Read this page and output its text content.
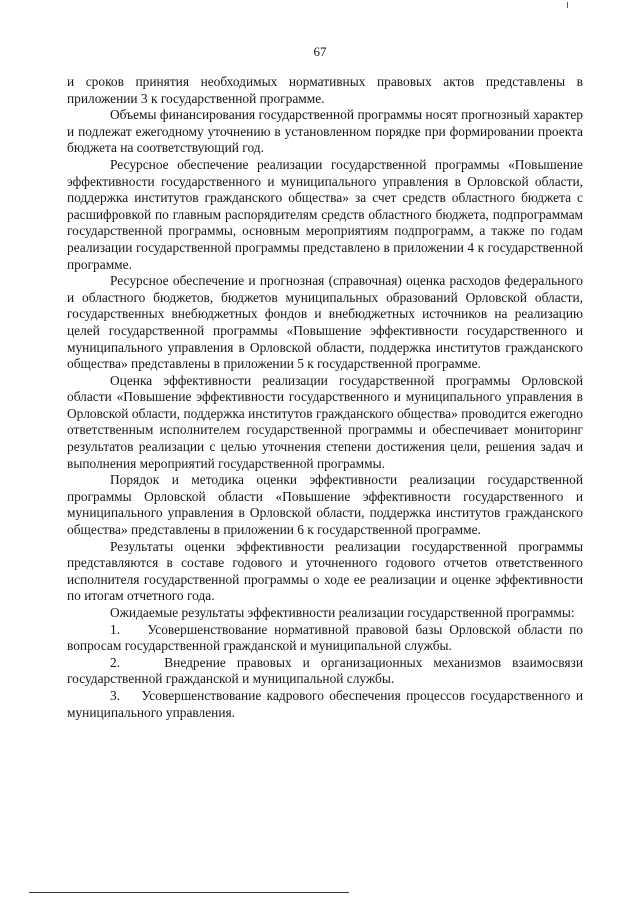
67

и сроков принятия необходимых нормативных правовых актов представлены в приложении 3 к государственной программе.

Объемы финансирования государственной программы носят прогнозный характер и подлежат ежегодному уточнению в установленном порядке при формировании проекта бюджета на соответствующий год.

Ресурсное обеспечение реализации государственной программы «Повышение эффективности государственного и муниципального управления в Орловской области, поддержка институтов гражданского общества» за счет средств областного бюджета с расшифровкой по главным распорядителям средств областного бюджета, подпрограммам государственной программы, основным мероприятиям подпрограмм, а также по годам реализации государственной программы представлено в приложении 4 к государственной программе.

Ресурсное обеспечение и прогнозная (справочная) оценка расходов федерального и областного бюджетов, бюджетов муниципальных образований Орловской области, государственных внебюджетных фондов и внебюджетных источников на реализацию целей государственной программы «Повышение эффективности государственного и муниципального управления в Орловской области, поддержка институтов гражданского общества» представлены в приложении 5 к государственной программе.

Оценка эффективности реализации государственной программы Орловской области «Повышение эффективности государственного и муниципального управления в Орловской области, поддержка институтов гражданского общества» проводится ежегодно ответственным исполнителем государственной программы и обеспечивает мониторинг результатов реализации с целью уточнения степени достижения цели, решения задач и выполнения мероприятий государственной программы.

Порядок и методика оценки эффективности реализации государственной программы Орловской области «Повышение эффективности государственного и муниципального управления в Орловской области, поддержка институтов гражданского общества» представлены в приложении 6 к государственной программе.

Результаты оценки эффективности реализации государственной программы представляются в составе годового и уточненного годового отчетов ответственного исполнителя государственной программы о ходе ее реализации и оценке эффективности по итогам отчетного года.

Ожидаемые результаты эффективности реализации государственной программы:

1. Усовершенствование нормативной правовой базы Орловской области по вопросам государственной гражданской и муниципальной службы.

2.	Внедрение правовых и организационных механизмов взаимосвязи государственной гражданской и муниципальной службы.

3. Усовершенствование кадрового обеспечения процессов государственного и муниципального управления.
